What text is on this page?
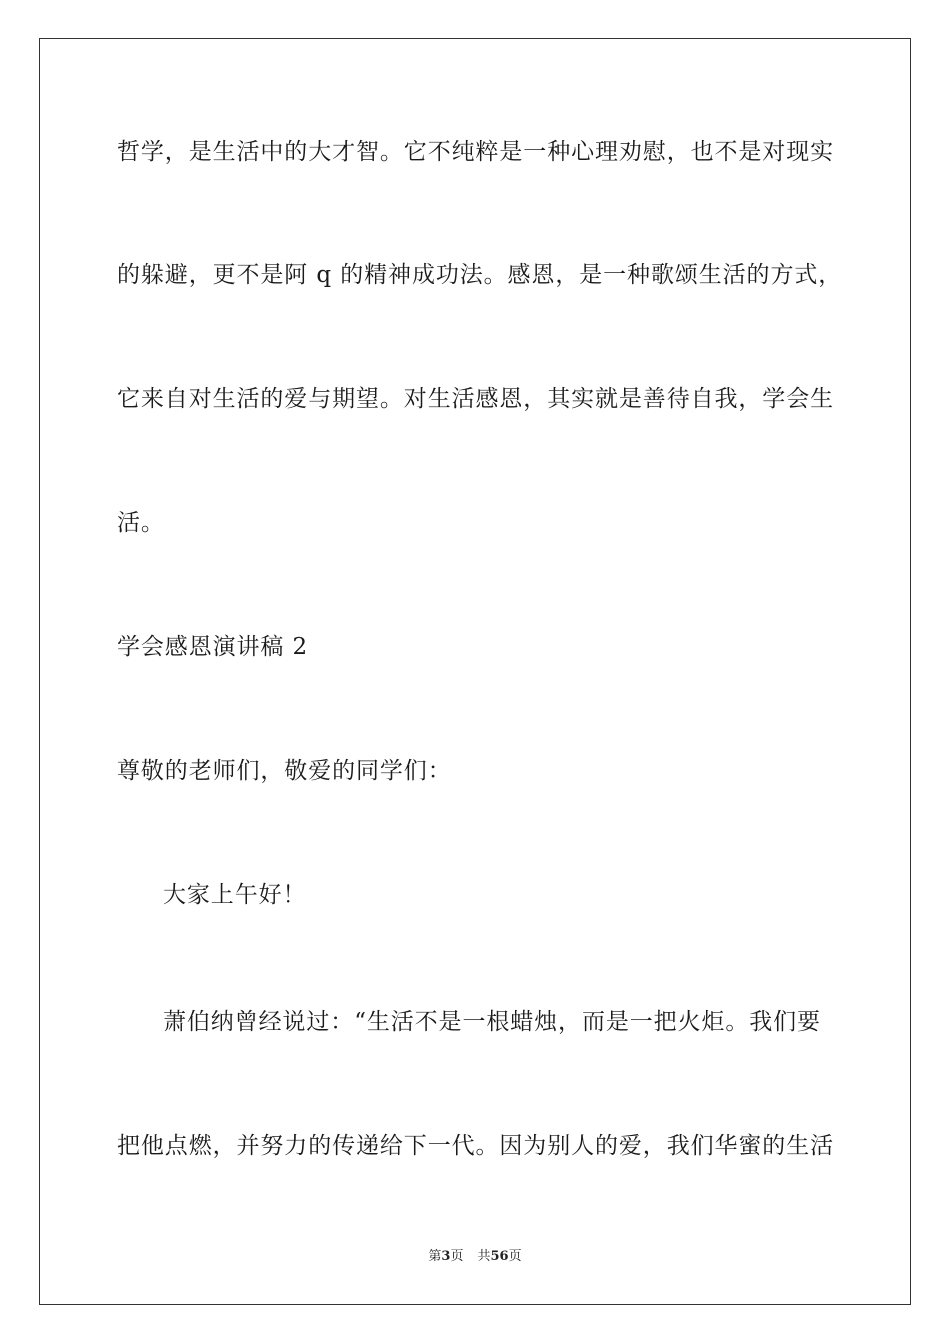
哲学，是生活中的大才智。它不纯粹是一种心理劝慰，也不是对现实
的躲避，更不是阿 q 的精神成功法。感恩，是一种歌颂生活的方式，
它来自对生活的爱与期望。对生活感恩，其实就是善待自我，学会生
活。
学会感恩演讲稿 2
尊敬的老师们，敬爱的同学们：
大家上午好！
萧伯纳曾经说过：“生活不是一根蜡烛，而是一把火炬。我们要
把他点燃，并努力的传递给下一代。因为别人的爱，我们华蜜的生活
第3页 共56页
